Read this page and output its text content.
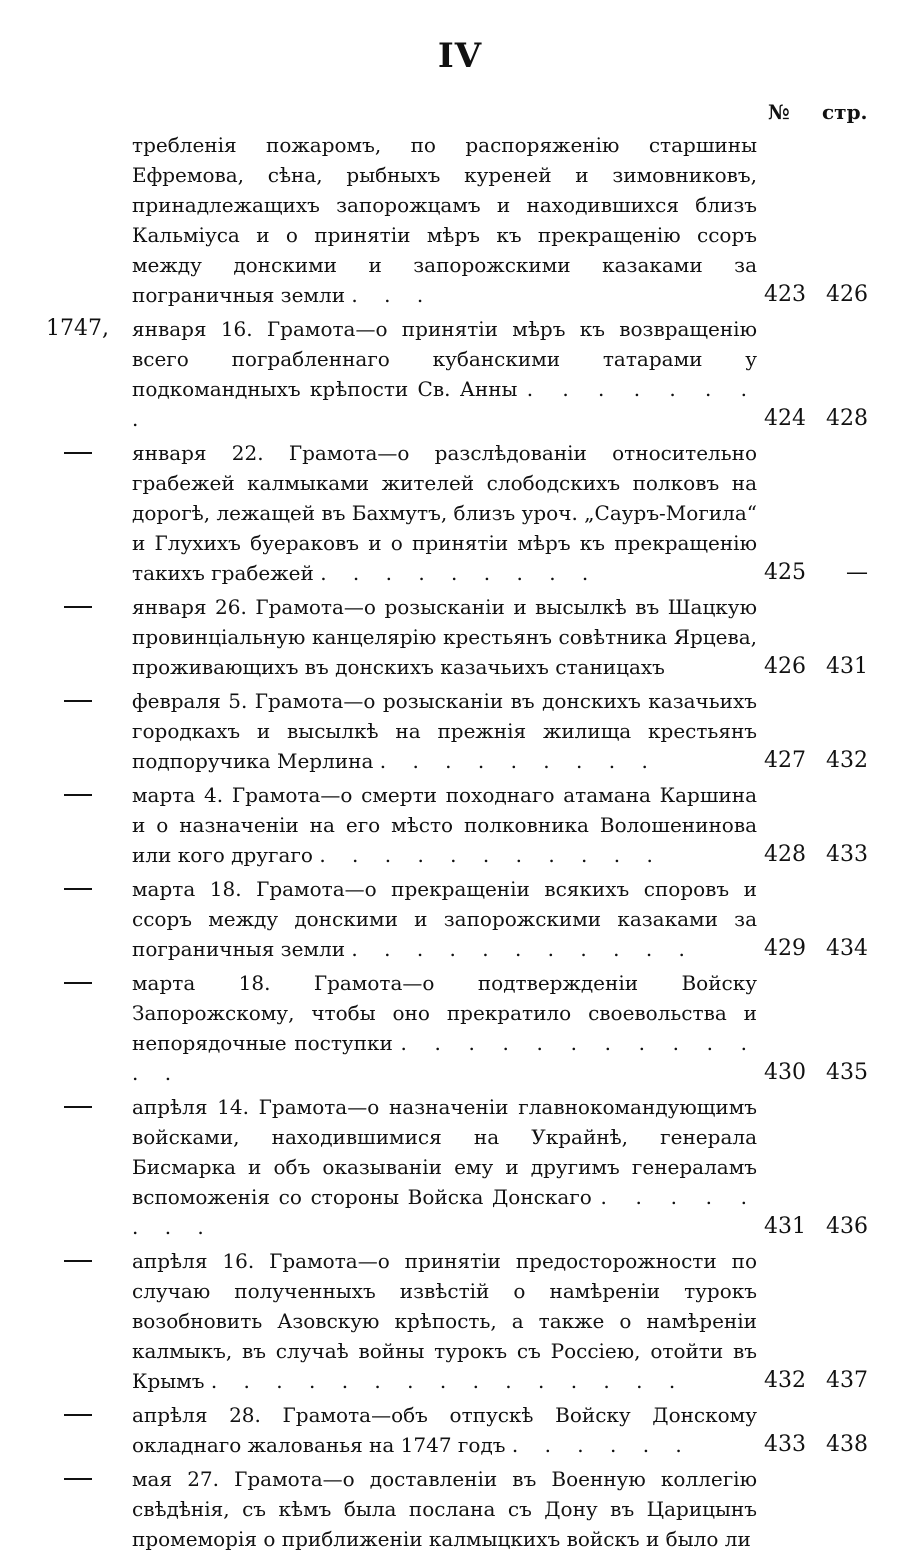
IV
№ стр.
требленія пожаромъ, по распоряженію старшины Ефремова, сѣна, рыбныхъ куреней и зимовниковъ, принадлежащихъ запорожцамъ и находившихся близъ Кальміуса и о принятіи мѣръ къ прекращенію ссоръ между донскими и запорожскими казаками за пограничныя земли . . .	423 426
1747,	января 16. Грамота—о принятіи мѣръ къ возвращенію всего пограбленнаго кубанскими татарами у подкомандныхъ крѣпости Св. Анны . . . . . . . .	424 428
января 22. Грамота—о разслѣдованіи относительно грабежей калмыками жителей слободскихъ полковъ на дорогѣ, лежащей въ Бахмутъ, близъ уроч. „Сауръ-Могила“ и Глухихъ буераковъ и о принятіи мѣръ къ прекращенію такихъ грабежей . . . . . . . . .	425 —
января 26. Грамота—о розысканіи и высылкѣ въ Шацкую провинціальную канцелярію крестьянъ совѣтника Ярцева, проживающихъ въ донскихъ казачьихъ станицахъ	426 431
февраля 5. Грамота—о розысканіи въ донскихъ казачьихъ городкахъ и высылкѣ на прежнія жилища крестьянъ подпоручика Мерлина . . . . . . . . .	427 432
марта 4. Грамота—о смерти походнаго атамана Каршина и о назначеніи на его мѣсто полковника Волошенинова или кого другаго . . . . . . . . . . .	428 433
марта 18. Грамота—о прекращеніи всякихъ споровъ и ссоръ между донскими и запорожскими казаками за пограничныя земли . . . . . . . . . . .	429 434
марта 18. Грамота—о подтвержденіи Войску Запорожскому, чтобы оно прекратило своевольства и непорядочные поступки . . . . . . . . . . . . .	430 435
апрѣля 14. Грамота—о назначеніи главнокомандующимъ войсками, находившимися на Украйнѣ, генерала Бисмарка и объ оказываніи ему и другимъ генераламъ вспоможенія со стороны Войска Донскаго . . . . . . . .	431 436
апрѣля 16. Грамота—о принятіи предосторожности по случаю полученныхъ извѣстій о намѣреніи турокъ возобновить Азовскую крѣпость, а также о намѣреніи калмыкъ, въ случаѣ войны турокъ съ Россіею, отойти въ Крымъ . . . . . . . . . . . . . . .	432 437
апрѣля 28. Грамота—объ отпускѣ Войску Донскому окладнаго жалованья на 1747 годъ . . . . . .	433 438
мая 27. Грамота—о доставленіи въ Военную коллегію свѣдѣнія, съ кѣмъ была послана съ Дону въ Царицынъ промеморія о приближеніи калмыцкихъ войскъ и было ли
